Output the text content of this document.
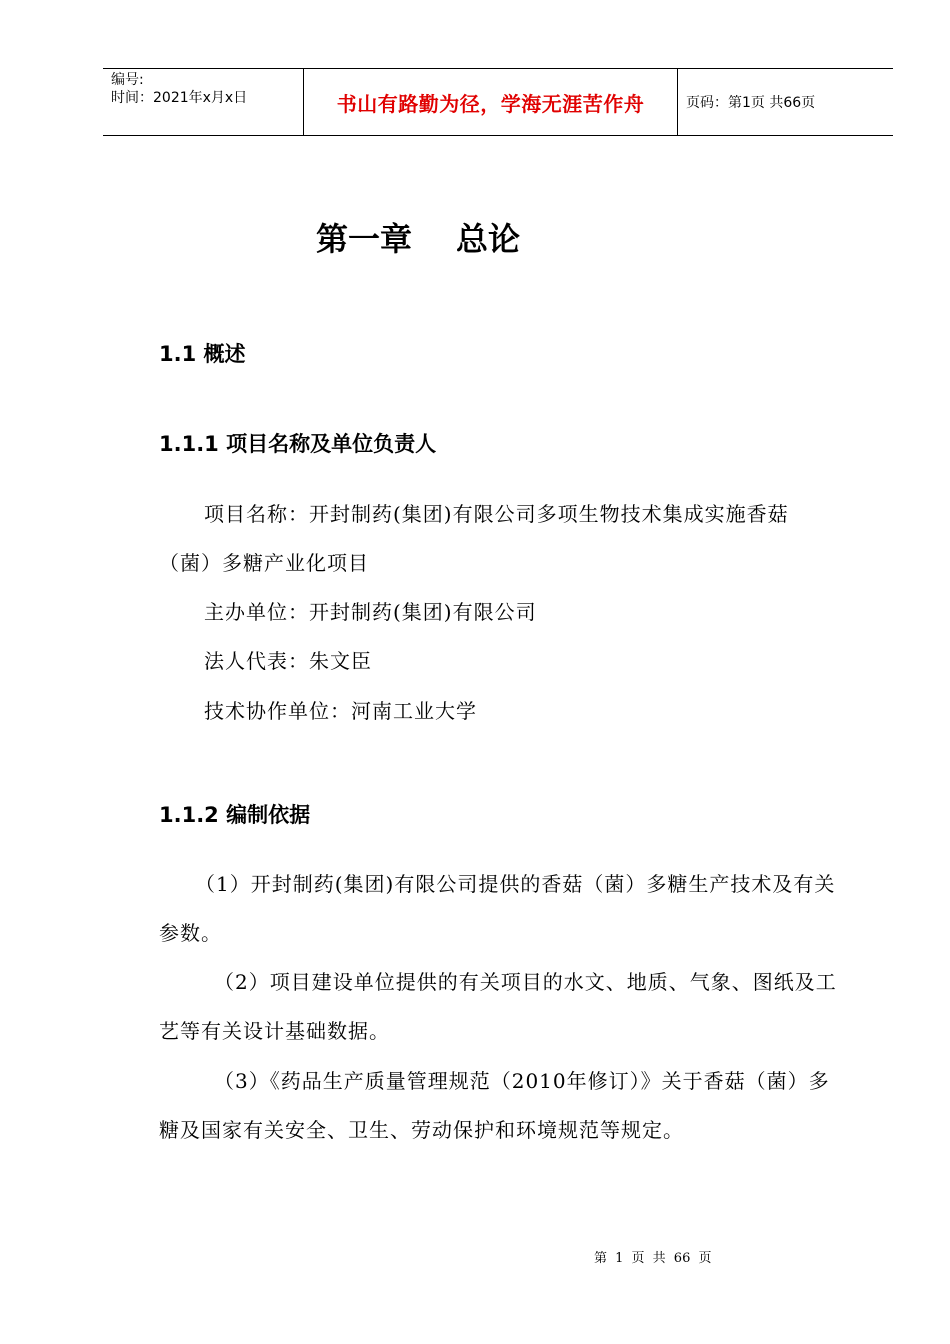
编号:
时间：2021年x月x日	书山有路勤为径，学海无涯苦作舟	页码：第1页 共66页
第一章 总论
1.1 概述
1.1.1 项目名称及单位负责人
项目名称：开封制药(集团)有限公司多项生物技术集成实施香菇（菌）多糖产业化项目
主办单位：开封制药(集团)有限公司
法人代表：朱文臣
技术协作单位：河南工业大学
1.1.2 编制依据
（1）开封制药(集团)有限公司提供的香菇（菌）多糖生产技术及有关参数。
（2）项目建设单位提供的有关项目的水文、地质、气象、图纸及工艺等有关设计基础数据。
（3）《药品生产质量管理规范（2010年修订）》关于香菇（菌）多糖及国家有关安全、卫生、劳动保护和环境规范等规定。
第 1 页 共 66 页
